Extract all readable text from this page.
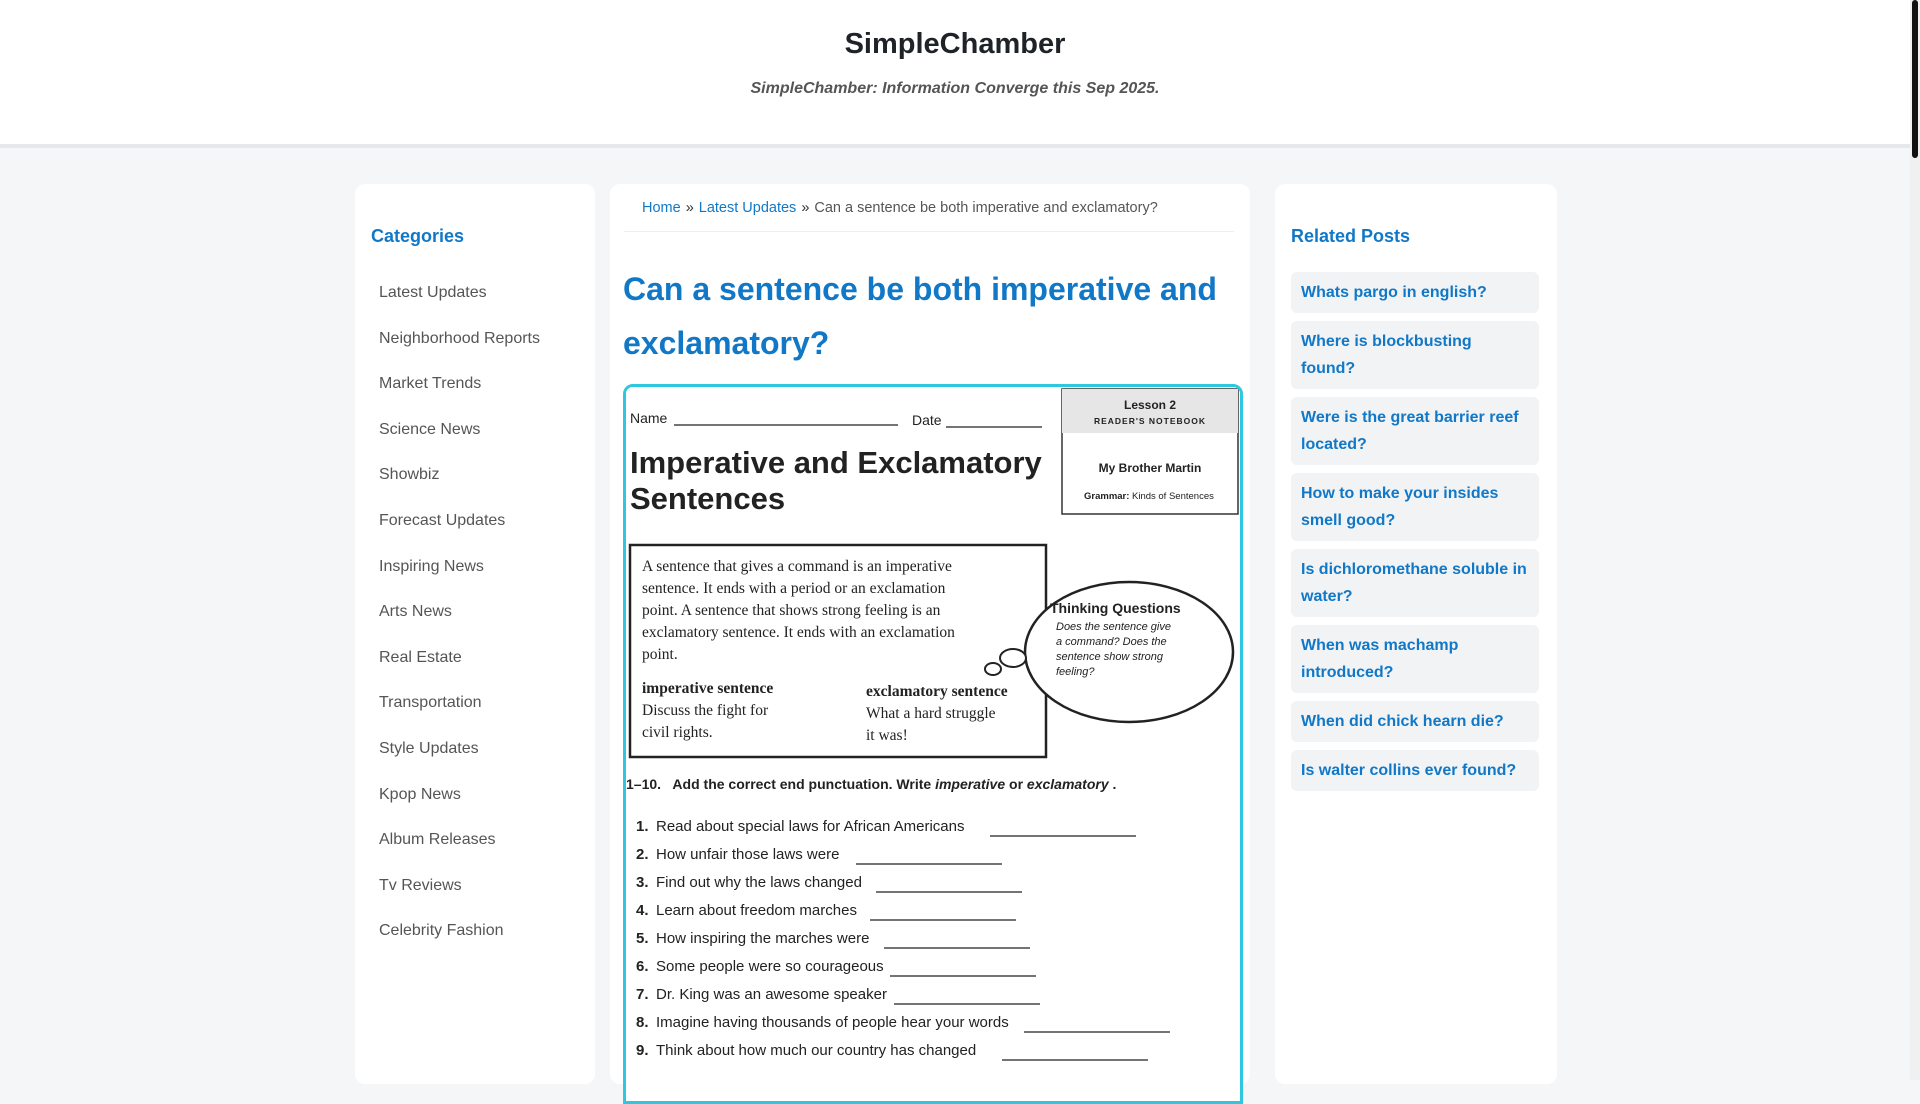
SimpleChamber

SimpleChamber: Information Converge this Sep 2025.

Categories
Latest Updates
Neighborhood Reports
Market Trends
Science News
Showbiz
Forecast Updates
Inspiring News
Arts News
Real Estate
Transportation
Style Updates
Kpop News
Album Releases
Tv Reviews
Celebrity Fashion
Home » Latest Updates » Can a sentence be both imperative and exclamatory?
Can a sentence be both imperative and exclamatory?
Name	Date
Lesson 2
READER'S NOTEBOOK
My Brother Martin
Grammar: Kinds of Sentences
Imperative and Exclamatory
Sentences
A sentence that gives a command is an imperative
sentence. It ends with a period or an exclamation
point. A sentence that shows strong feeling is an
exclamatory sentence. It ends with an exclamation
point.
imperative sentence
Discuss the fight for
civil rights.
exclamatory sentence
What a hard struggle
it was!
Thinking Questions
Does the sentence give
a command? Does the
sentence show strong
feeling?
1–10. Add the correct end punctuation. Write imperative or exclamatory .
1. Read about special laws for African Americans
2. How unfair those laws were
3. Find out why the laws changed
4. Learn about freedom marches
5. How inspiring the marches were
6. Some people were so courageous
7. Dr. King was an awesome speaker
8. Imagine having thousands of people hear your words
9. Think about how much our country has changed
Related Posts
Whats pargo in english?
Where is blockbusting found?
Were is the great barrier reef located?
How to make your insides smell good?
Is dichloromethane soluble in water?
When was machamp introduced?
When did chick hearn die?
Is walter collins ever found?
